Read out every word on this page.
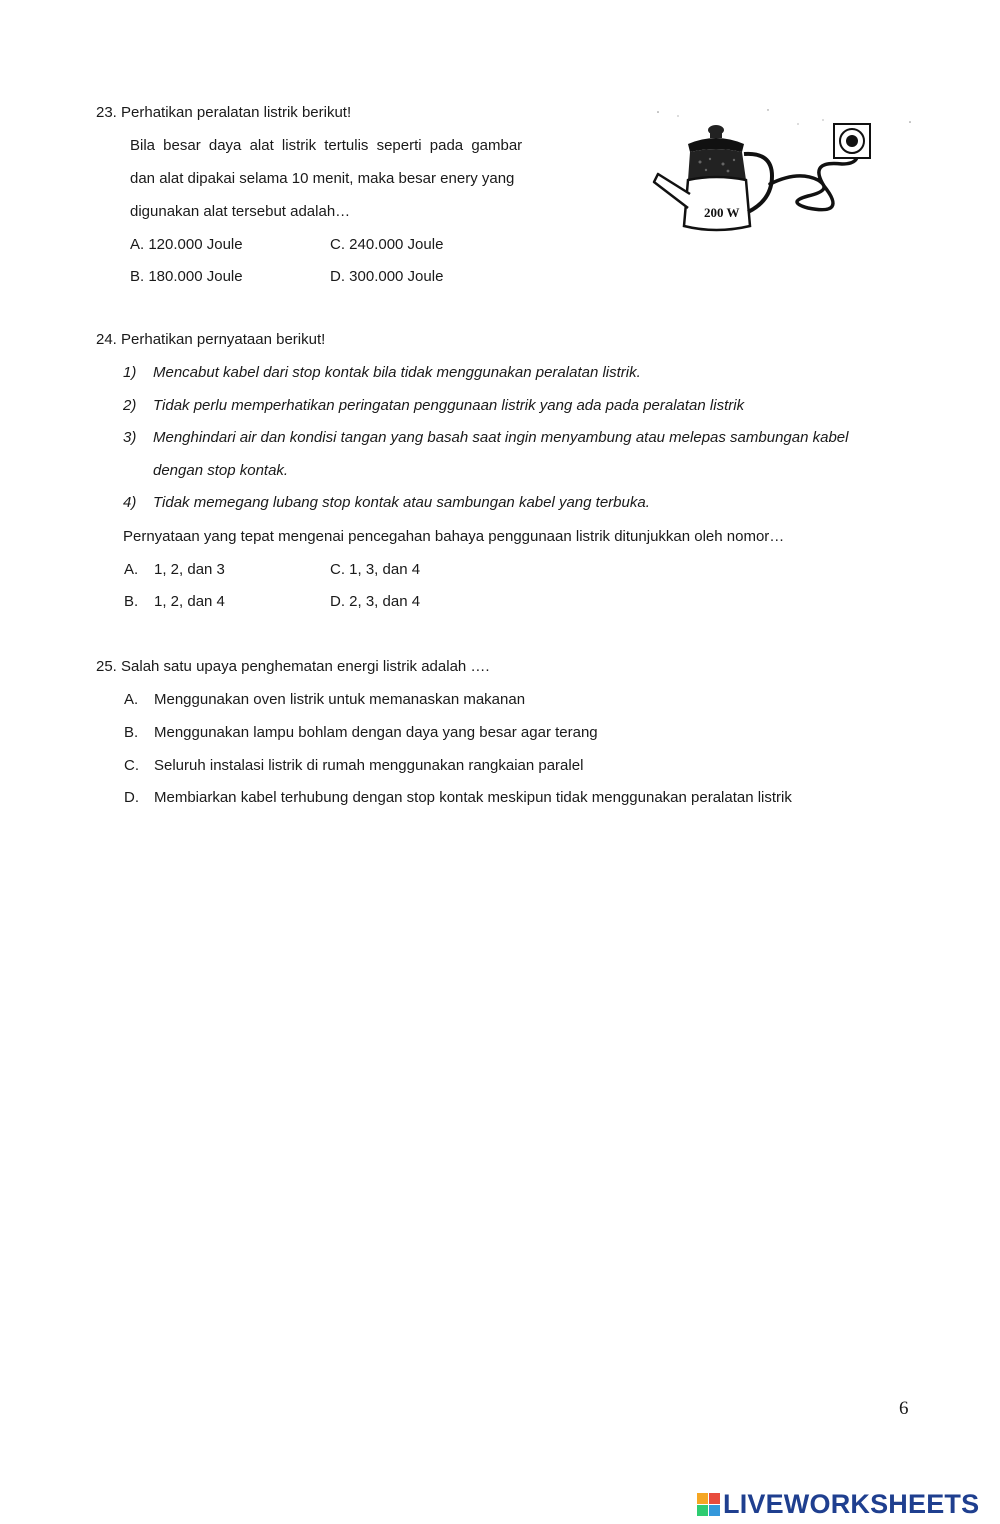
23. Perhatikan peralatan listrik berikut!
Bila besar daya alat listrik tertulis seperti pada gambar
dan alat dipakai selama 10 menit, maka besar enery yang
digunakan alat tersebut adalah…
A. 120.000 Joule	C. 240.000 Joule
B. 180.000 Joule	D. 300.000 Joule
200 W
24. Perhatikan pernyataan berikut!
1) Mencabut kabel dari stop kontak bila tidak menggunakan peralatan listrik.
2) Tidak perlu memperhatikan peringatan penggunaan listrik yang ada pada peralatan listrik
3) Menghindari air dan kondisi tangan yang basah saat ingin menyambung atau melepas sambungan kabel
dengan stop kontak.
4) Tidak memegang lubang stop kontak atau sambungan kabel yang terbuka.
Pernyataan yang tepat mengenai pencegahan bahaya penggunaan listrik ditunjukkan oleh nomor…
A. 1, 2, dan 3	C. 1, 3, dan 4
B. 1, 2, dan 4	D. 2, 3, dan 4
25. Salah satu upaya penghematan energi listrik adalah ….
A. Menggunakan oven listrik untuk memanaskan makanan
B. Menggunakan lampu bohlam dengan daya yang besar agar terang
C. Seluruh instalasi listrik di rumah menggunakan rangkaian paralel
D. Membiarkan kabel terhubung dengan stop kontak meskipun tidak menggunakan peralatan listrik
6
LIVEWORKSHEETS
